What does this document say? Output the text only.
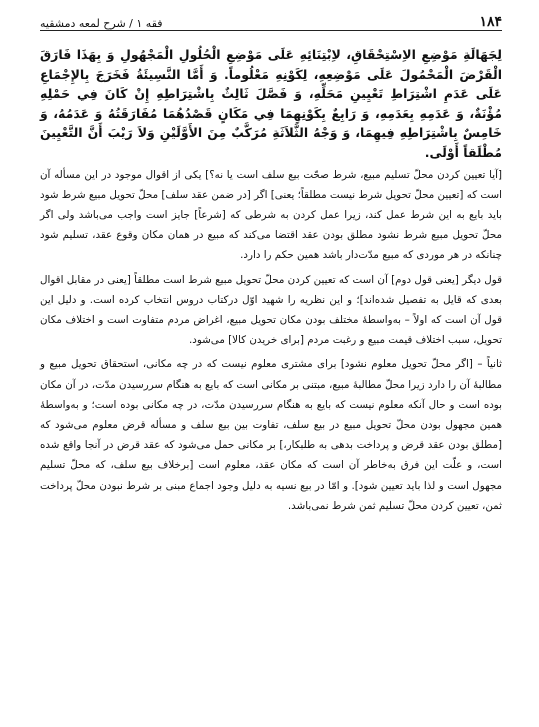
۱۸۴
فقه ۱ / شرح لمعه دمشقیه
لِجَهَالَةِ مَوْضِعِ الاِسْتِحْقَاقِ، لاِبْتِنَائِهِ عَلَى مَوْضِعِ الْحُلُولِ الْمَجْهُولِ وَ بِهَذَا فَارَقَ الْقَرْضَ الْمَحْمُولَ عَلَى مَوْضِعِهِ، لِكَوْنِهِ مَعْلُوماً. وَ أَمَّا النَّسِيئَةُ فَخَرَجَ بِالإِجْمَاعِ عَلَى عَدَمِ اشْتِرَاطِ تَعْيِينِ مَحَلِّهِ، وَ فَصَّلَ ثَالِثٌ بِاشْتِرَاطِهِ إِنْ كَانَ فِي حَمْلِهِ مُؤْنَةٌ، وَ عَدَمِهِ بِعَدَمِهِ، وَ رَابِعٌ بِكَوْنِهِمَا فِي مَكَانٍ قَصْدُهُمَا مُفَارَقَتُهُ وَ عَدَمُهُ، وَ خَامِسٌ بِاشْتِرَاطِهِ فِيهِمَا، وَ وَجْهُ الثَّلاَثَةِ مُرَكَّبٌ مِنَ الأَوَّلَيْنِ وَلاَ رَيْبَ أَنَّ التَّعْيِينَ مُطْلَقاً أَوْلَى.

[آیا تعیین کردن محلّ تسلیم مبیع، شرط صحّت بیع سلف است یا نه؟] یکی از اقوال موجود در این مسأله آن است که [تعیین محلّ تحویل شرط نیست مطلقاً؛ یعنی] اگر [در ضمن عقد سلف] محلّ تحویل مبیع شرط شود باید بایع به این شرط عمل کند، زیرا عمل کردن به شرطی که [شرعاً] جایز است واجب می‌باشد ولی اگر محلّ تحویل مبیع شرط نشود مطلق بودن عقد اقتضا می‌کند که مبیع در همان مکان وقوع عقد، تسلیم شود چنانکه در هر موردی که مبیع مدّت‌دار باشد همین حکم را دارد.

قول دیگر [یعنی قول دوم] آن است که تعیین کردن محلّ تحویل مبیع شرط است مطلقاً [یعنی در مقابل اقوال بعدی که قایل به تفصیل شده‌اند]؛ و این نظریه را شهید اوّل درکتاب دروس انتخاب کرده است. و دلیل این قول آن است که اولاً – به‌واسطهٔ مختلف بودن مکان تحویل مبیع، اغراض مردم متفاوت است و اختلاف مکان تحویل، سبب اختلاف قیمت مبیع و رغبت مردم [برای خریدن کالا] می‌شود.

ثانیاً – [اگر محلّ تحویل معلوم نشود] برای مشتری معلوم نیست که در چه مکانی، استحقاق تحویل مبیع و مطالبهٔ آن را دارد زیرا محلّ مطالبهٔ مبیع، مبتنی بر مکانی است که بایع به هنگام سررسیدن مدّت، در آن مکان بوده است و حال آنکه معلوم نیست که بایع به هنگام سررسیدن مدّت، در چه مکانی بوده است؛ و به‌واسطهٔ همین مجهول بودن محلّ تحویل مبیع در بیع سلف، تفاوت بین بیع سلف و مسأله قرض معلوم می‌شود که [مطلق بودن عقد قرض و پرداخت بدهی به طلبکار،] بر مکانی حمل می‌شود که عقد قرض در آنجا واقع شده است، و علّت این فرق به‌خاطر آن است که مکان عقد، معلوم است [برخلاف بیع سلف، که محلّ تسلیم مجهول است و لذا باید تعیین شود]. و امّا در بیع نسیه به دلیل وجود اجماع مبنی بر شرط نبودن محلّ پرداخت ثمن، تعیین کردن محلّ تسلیم ثمن شرط نمی‌باشد.
